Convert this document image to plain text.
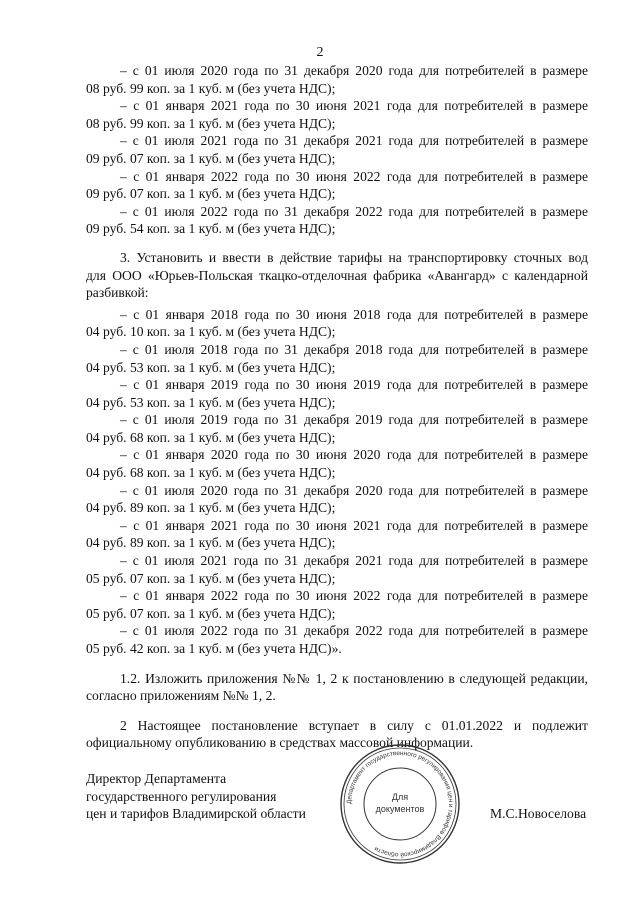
2
– с 01 июля 2020 года по 31 декабря 2020 года для потребителей в размере
08 руб. 99 коп. за 1 куб. м (без учета НДС);
– с 01 января 2021 года по 30 июня 2021 года для потребителей в размере
08 руб. 99 коп. за 1 куб. м (без учета НДС);
– с 01 июля 2021 года по 31 декабря 2021 года для потребителей в размере
09 руб. 07 коп. за 1 куб. м (без учета НДС);
– с 01 января 2022 года по 30 июня 2022 года для потребителей в размере
09 руб. 07 коп. за 1 куб. м (без учета НДС);
– с 01 июля 2022 года по 31 декабря 2022 года для потребителей в размере
09 руб. 54 коп. за 1 куб. м (без учета НДС);
3. Установить и ввести в действие тарифы на транспортировку сточных вод
для ООО «Юрьев-Польская ткацко-отделочная фабрика «Авангард» с календарной
разбивкой:
– с 01 января 2018 года по 30 июня 2018 года для потребителей в размере
04 руб. 10 коп. за 1 куб. м (без учета НДС);
– с 01 июля 2018 года по 31 декабря 2018 года для потребителей в размере
04 руб. 53 коп. за 1 куб. м (без учета НДС);
– с 01 января 2019 года по 30 июня 2019 года для потребителей в размере
04 руб. 53 коп. за 1 куб. м (без учета НДС);
– с 01 июля 2019 года по 31 декабря 2019 года для потребителей в размере
04 руб. 68 коп. за 1 куб. м (без учета НДС);
– с 01 января 2020 года по 30 июня 2020 года для потребителей в размере
04 руб. 68 коп. за 1 куб. м (без учета НДС);
– с 01 июля 2020 года по 31 декабря 2020 года для потребителей в размере
04 руб. 89 коп. за 1 куб. м (без учета НДС);
– с 01 января 2021 года по 30 июня 2021 года для потребителей в размере
04 руб. 89 коп. за 1 куб. м (без учета НДС);
– с 01 июля 2021 года по 31 декабря 2021 года для потребителей в размере
05 руб. 07 коп. за 1 куб. м (без учета НДС);
– с 01 января 2022 года по 30 июня 2022 года для потребителей в размере
05 руб. 07 коп. за 1 куб. м (без учета НДС);
– с 01 июля 2022 года по 31 декабря 2022 года для потребителей в размере
05 руб. 42 коп. за 1 куб. м (без учета НДС)».
1.2. Изложить приложения №№ 1, 2 к постановлению в следующей редакции,
согласно приложениям №№ 1, 2.
2 Настоящее постановление вступает в силу с 01.01.2022 и подлежит
официальному опубликованию в средствах массовой информации.
Директор Департамента
государственного регулирования
цен и тарифов Владимирской области
Департамент государственного регулирования цен и тарифов Владимирской области
Для
документов	М.С.Новоселова
